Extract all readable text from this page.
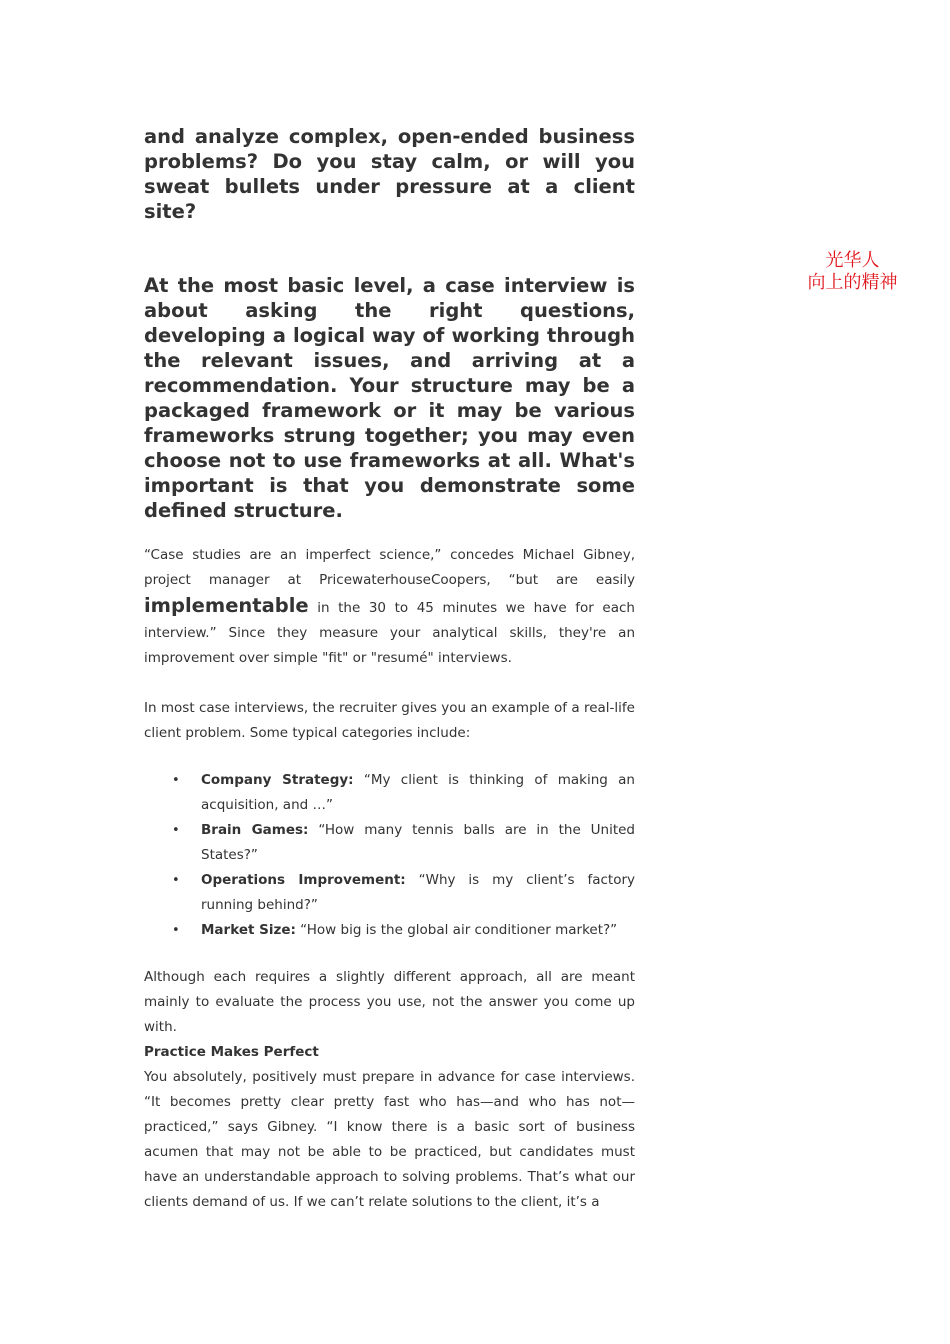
光华人
向上的精神

and analyze complex, open-ended business problems? Do you stay calm, or will you sweat bullets under pressure at a client site?

At the most basic level, a case interview is about asking the right questions, developing a logical way of working through the relevant issues, and arriving at a recommendation. Your structure may be a packaged framework or it may be various frameworks strung together; you may even choose not to use frameworks at all. What's important is that you demonstrate some defined structure.

“Case studies are an imperfect science,” concedes Michael Gibney, project manager at PricewaterhouseCoopers, “but are easily implementable in the 30 to 45 minutes we have for each interview.” Since they measure your analytical skills, they're an improvement over simple "fit" or "resumé" interviews.

In most case interviews, the recruiter gives you an example of a real-life client problem. Some typical categories include:

• Company Strategy: “My client is thinking of making an acquisition, and …”
• Brain Games: “How many tennis balls are in the United States?”
• Operations Improvement: “Why is my client’s factory running behind?”
• Market Size: “How big is the global air conditioner market?”

Although each requires a slightly different approach, all are meant mainly to evaluate the process you use, not the answer you come up with.

Practice Makes Perfect

You absolutely, positively must prepare in advance for case interviews. “It becomes pretty clear pretty fast who has—and who has not—practiced,” says Gibney. “I know there is a basic sort of business acumen that may not be able to be practiced, but candidates must have an understandable approach to solving problems. That’s what our clients demand of us. If we can’t relate solutions to the client, it’s a
